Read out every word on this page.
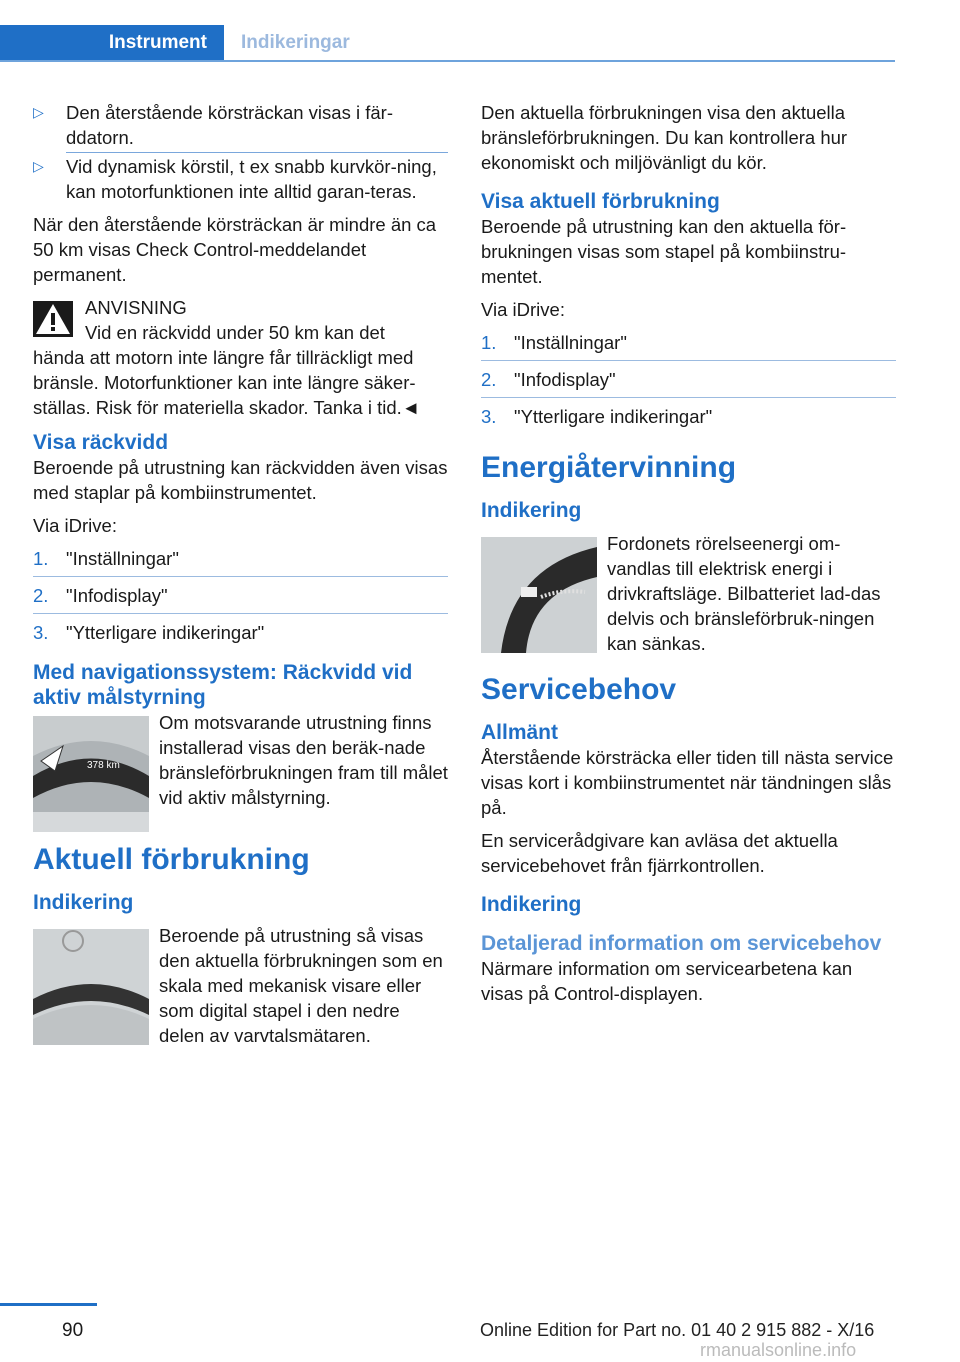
Instrument	Indikeringar
▷ Den återstående körsträckan visas i fär-ddatorn.
▷ Vid dynamisk körstil, t ex snabb kurvkör-ning, kan motorfunktionen inte alltid garan-teras.

När den återstående körsträckan är mindre än ca 50 km visas Check Control-meddelandet permanent.

ANVISNING
Vid en räckvidd under 50 km kan det
hända att motorn inte längre får tillräckligt med bränsle. Motorfunktioner kan inte längre säker-ställas. Risk för materiella skador. Tanka i tid.◄
Visa räckvidd

Beroende på utrustning kan räckvidden även visas med staplar på kombiinstrumentet.

Via iDrive:

1. "Inställningar"
2. "Infodisplay"
3. "Ytterligare indikeringar"
Med navigationssystem: Räckvidd vid aktiv målstyrning
378 km
Om motsvarande utrustning finns installerad visas den beräk-nade bränsleförbrukningen fram till målet vid aktiv målstyrning.
Aktuell förbrukning
Indikering
Beroende på utrustning så visas den aktuella förbrukningen som en skala med mekanisk visare eller som digital stapel i den nedre delen av varvtalsmätaren.

Den aktuella förbrukningen visa den aktuella bränsleförbrukningen. Du kan kontrollera hur ekonomiskt och miljövänligt du kör.

Visa aktuell förbrukning

Beroende på utrustning kan den aktuella för-brukningen visas som stapel på kombiinstru-mentet.

Via iDrive:

1. "Inställningar"
2. "Infodisplay"
3. "Ytterligare indikeringar"
Energiåtervinning
Indikering
Fordonets rörelseenergi om-vandlas till elektrisk energi i drivkraftsläge. Bilbatteriet lad-das delvis och bränsleförbruk-ningen kan sänkas.
Servicebehov
Allmänt

Återstående körsträcka eller tiden till nästa service visas kort i kombiinstrumentet när tändningen slås på.

En servicerådgivare kan avläsa det aktuella servicebehovet från fjärrkontrollen.

Indikering
Detaljerad information om servicebehov

Närmare information om servicearbetena kan visas på Control-displayen.

90	Online Edition for Part no. 01 40 2 915 882 - X/16
rmanualsonline.info
